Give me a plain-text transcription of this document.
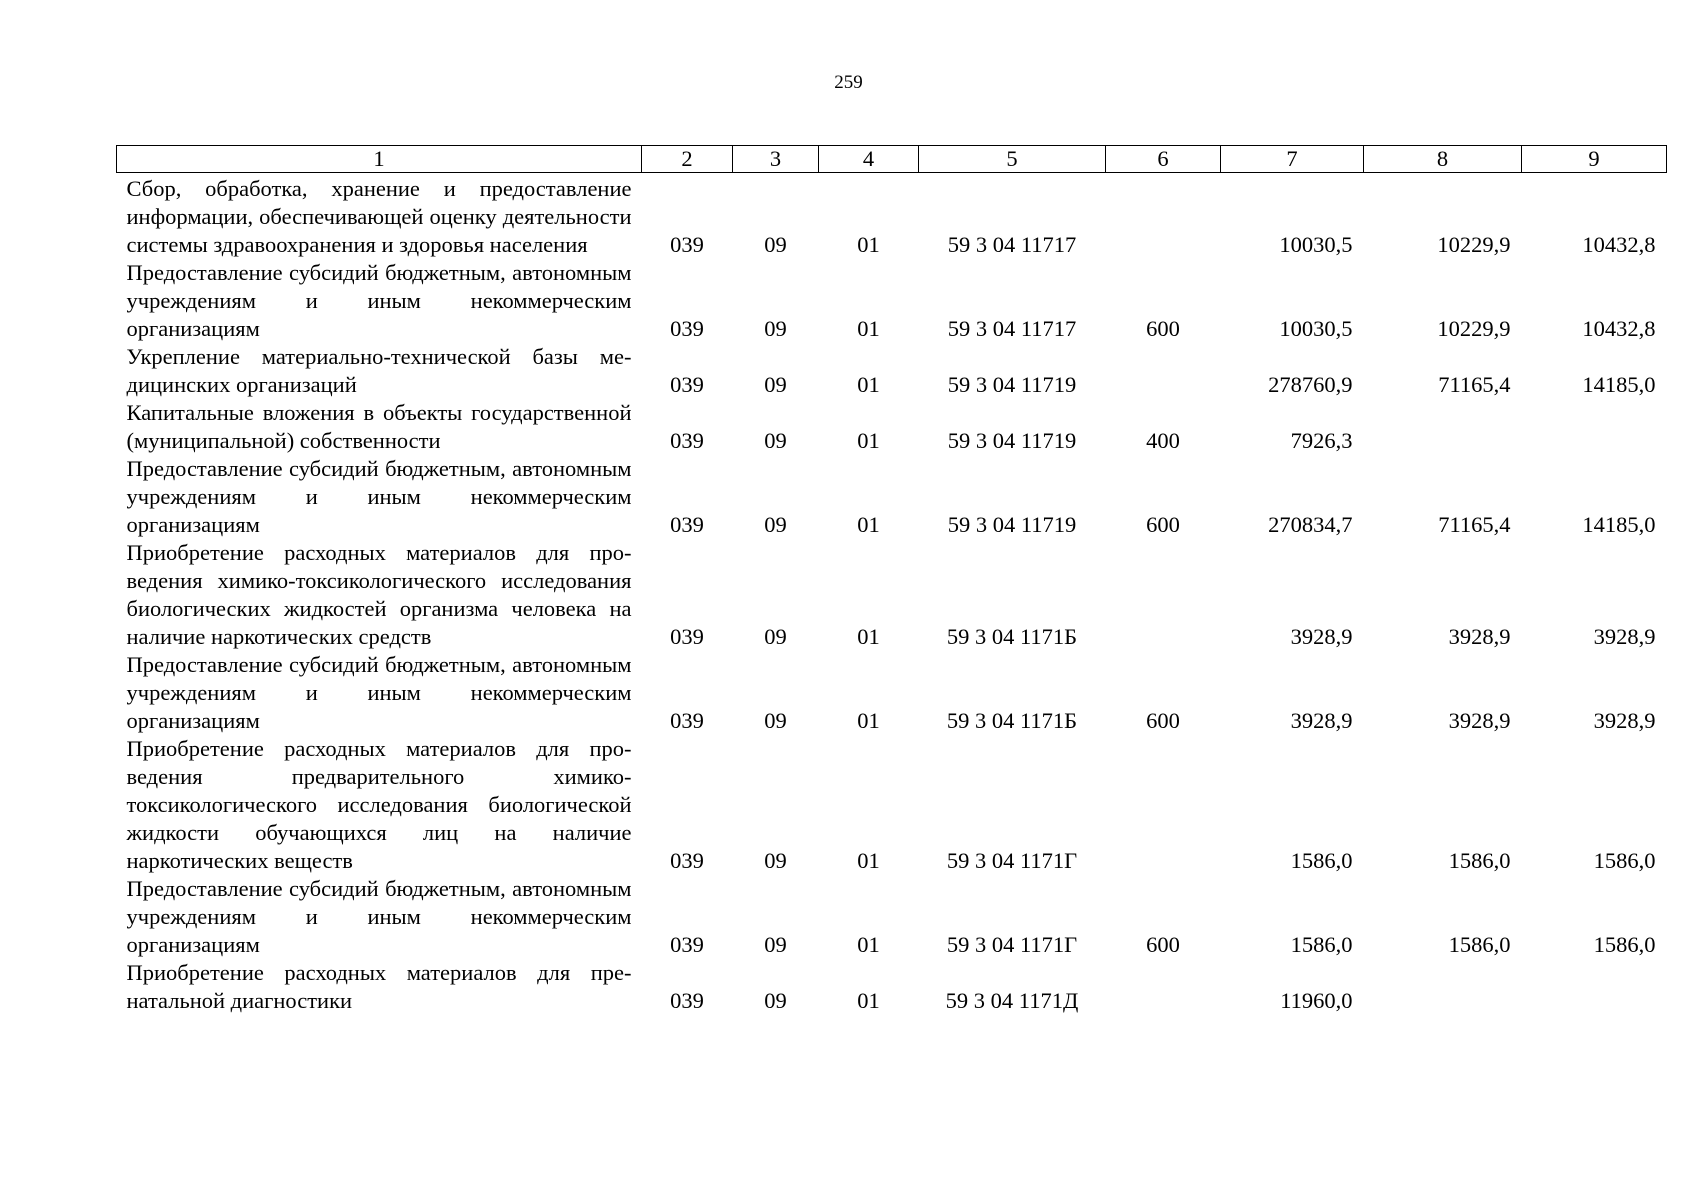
259
1	2	3	4	5	6	7	8	9
Сбор, обработка, хранение и предоставление информации, обеспечивающей оценку деятельности системы здравоохранения и здоровья населения	039	09	01	59 3 04 11717		10030,5	10229,9	10432,8
Предоставление субсидий бюджетным, автономным учреждениям и иным некоммерческим организациям	039	09	01	59 3 04 11717	600	10030,5	10229,9	10432,8
Укрепление материально-технической базы медицинских организаций	039	09	01	59 3 04 11719		278760,9	71165,4	14185,0
Капитальные вложения в объекты государственной (муниципальной) собственности	039	09	01	59 3 04 11719	400	7926,3		
Предоставление субсидий бюджетным, автономным учреждениям и иным некоммерческим организациям	039	09	01	59 3 04 11719	600	270834,7	71165,4	14185,0
Приобретение расходных материалов для проведения химико-токсикологического исследования биологических жидкостей организма человека на наличие наркотических средств	039	09	01	59 3 04 1171Б		3928,9	3928,9	3928,9
Предоставление субсидий бюджетным, автономным учреждениям и иным некоммерческим организациям	039	09	01	59 3 04 1171Б	600	3928,9	3928,9	3928,9
Приобретение расходных материалов для проведения предварительного химико-токсикологического исследования биологической жидкости обучающихся лиц на наличие наркотических веществ	039	09	01	59 3 04 1171Г		1586,0	1586,0	1586,0
Предоставление субсидий бюджетным, автономным учреждениям и иным некоммерческим организациям	039	09	01	59 3 04 1171Г	600	1586,0	1586,0	1586,0
Приобретение расходных материалов для пренатальной диагностики	039	09	01	59 3 04 1171Д		11960,0		
